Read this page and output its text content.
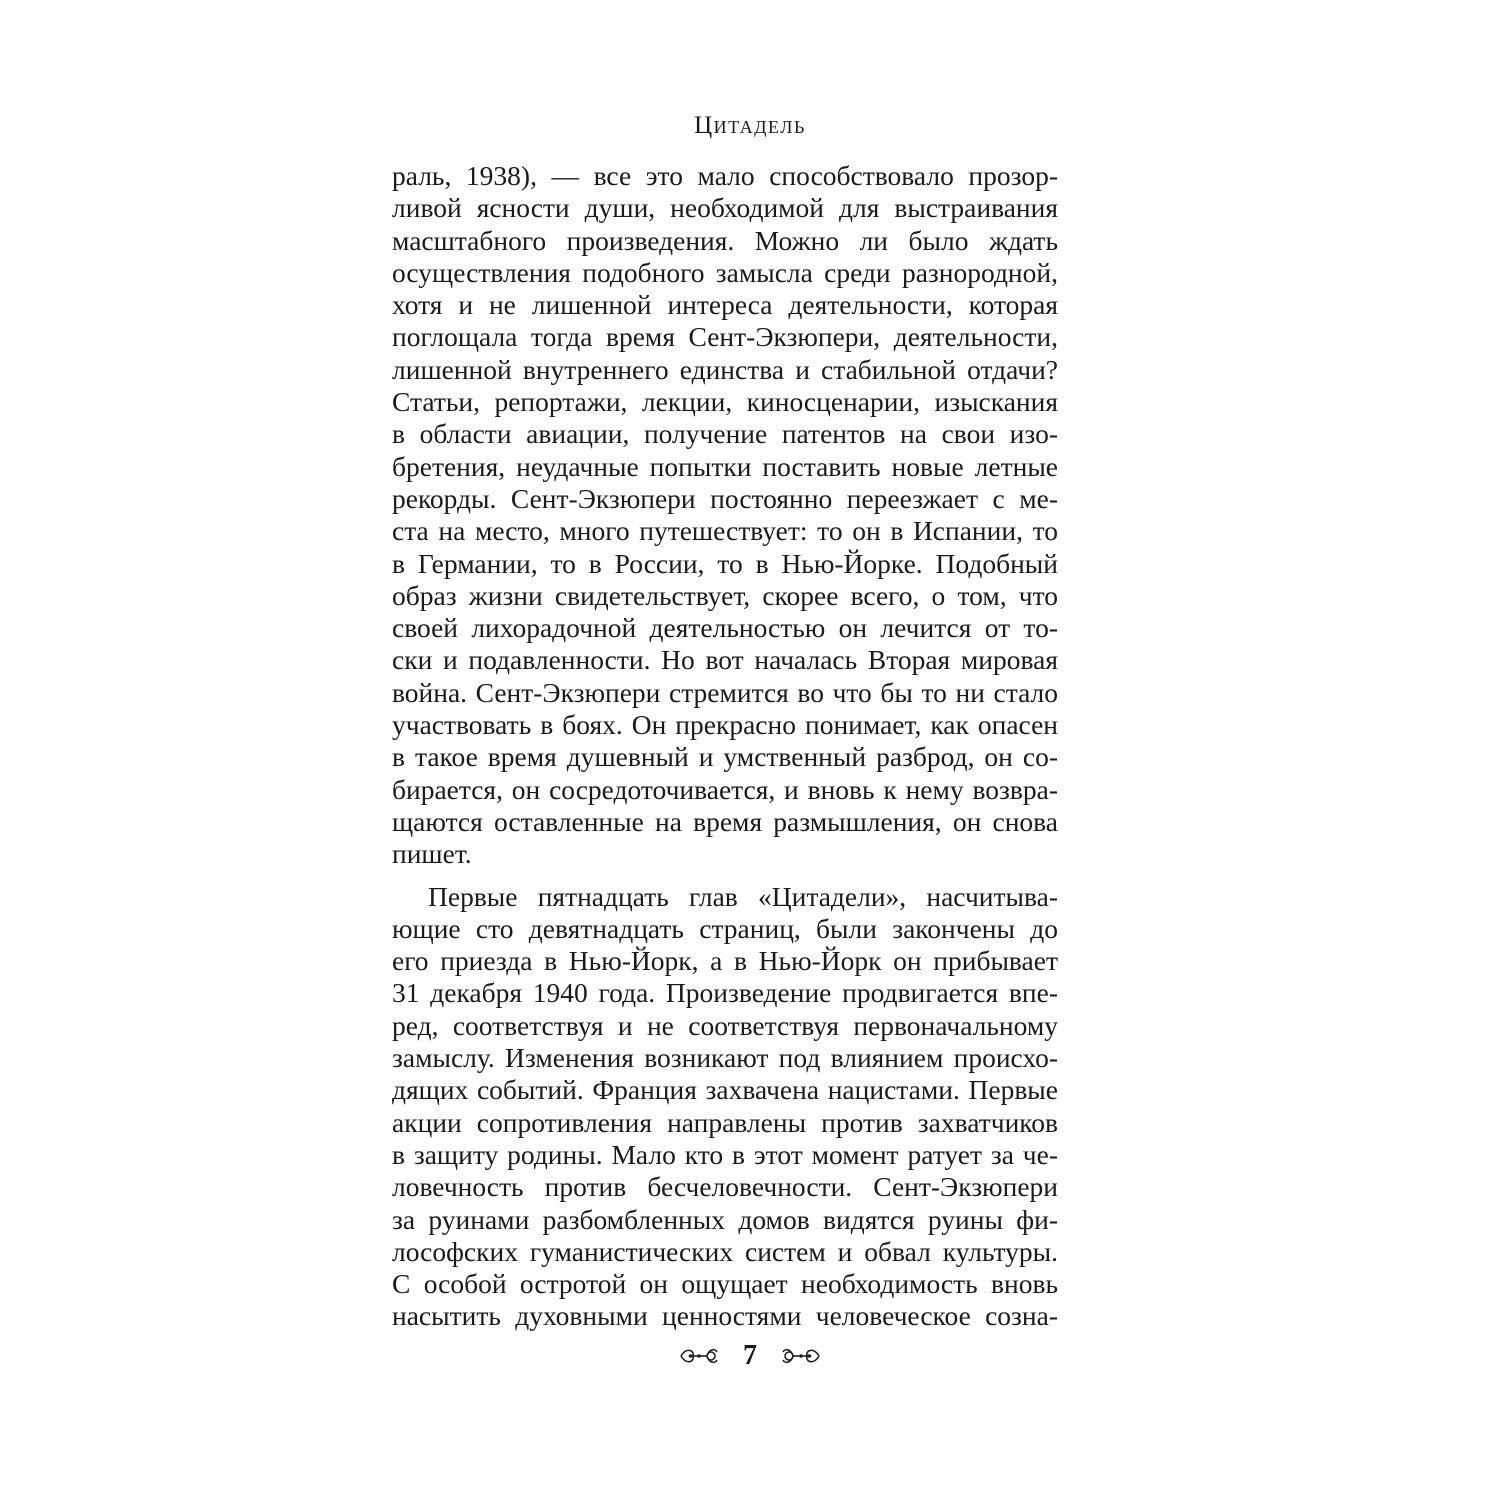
Цитадель
раль, 1938), — все это мало способствовало прозор-
ливой ясности души, необходимой для выстраивания
масштабного произведения. Можно ли было ждать
осуществления подобного замысла среди разнородной,
хотя и не лишенной интереса деятельности, которая
поглощала тогда время Сент-Экзюпери, деятельности,
лишенной внутреннего единства и стабильной отдачи?
Статьи, репортажи, лекции, киносценарии, изыскания
в области авиации, получение патентов на свои изо-
бретения, неудачные попытки поставить новые летные
рекорды. Сент-Экзюпери постоянно переезжает с ме-
ста на место, много путешествует: то он в Испании, то
в Германии, то в России, то в Нью-Йорке. Подобный
образ жизни свидетельствует, скорее всего, о том, что
своей лихорадочной деятельностью он лечится от то-
ски и подавленности. Но вот началась Вторая мировая
война. Сент-Экзюпери стремится во что бы то ни стало
участвовать в боях. Он прекрасно понимает, как опасен
в такое время душевный и умственный разброд, он со-
бирается, он сосредоточивается, и вновь к нему возвра-
щаются оставленные на время размышления, он снова
пишет.
Первые пятнадцать глав «Цитадели», насчитыва-
ющие сто девятнадцать страниц, были закончены до
его приезда в Нью-Йорк, а в Нью-Йорк он прибывает
31 декабря 1940 года. Произведение продвигается впе-
ред, соответствуя и не соответствуя первоначальному
замыслу. Изменения возникают под влиянием происхо-
дящих событий. Франция захвачена нацистами. Первые
акции сопротивления направлены против захватчиков
в защиту родины. Мало кто в этот момент ратует за че-
ловечность против бесчеловечности. Сент-Экзюпери
за руинами разбомбленных домов видятся руины фи-
лософских гуманистических систем и обвал культуры.
С особой остротой он ощущает необходимость вновь
насытить духовными ценностями человеческое созна-
7
